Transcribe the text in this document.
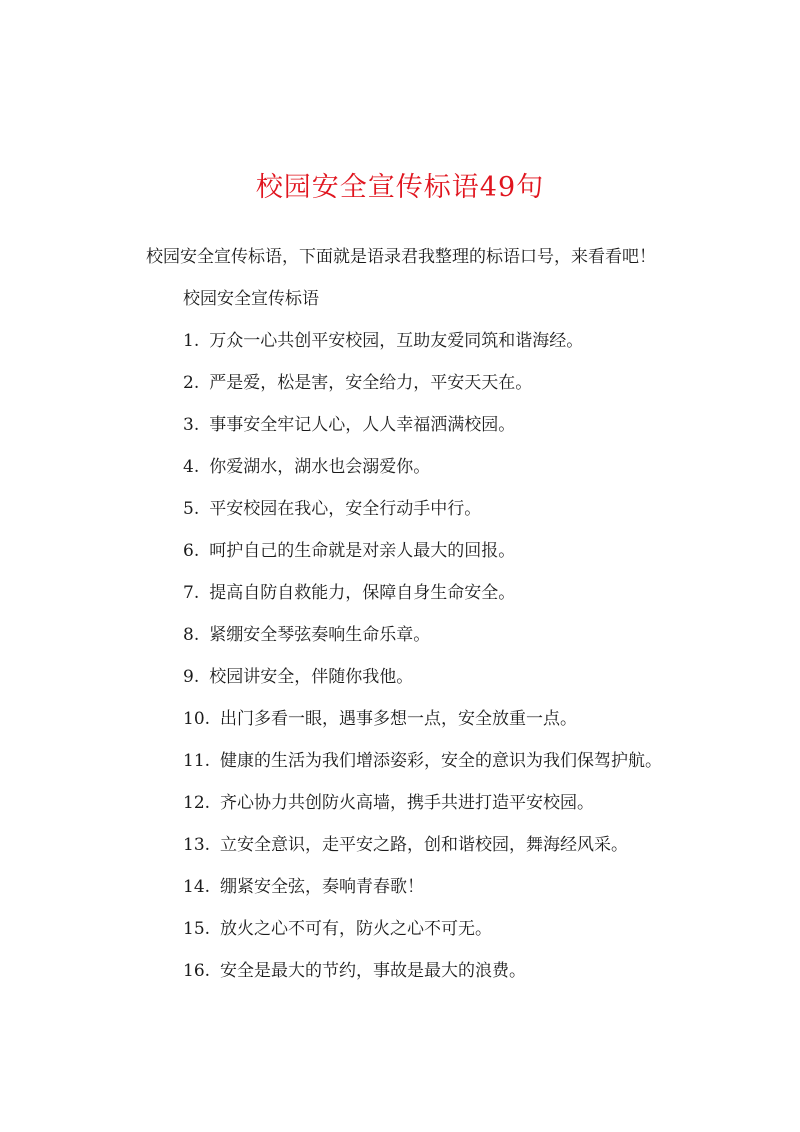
校园安全宣传标语49句
校园安全宣传标语，下面就是语录君我整理的标语口号，来看看吧！
校园安全宣传标语
1. 万众一心共创平安校园，互助友爱同筑和谐海经。
2. 严是爱，松是害，安全给力，平安天天在。
3. 事事安全牢记人心，人人幸福洒满校园。
4. 你爱湖水，湖水也会溺爱你。
5. 平安校园在我心，安全行动手中行。
6. 呵护自己的生命就是对亲人最大的回报。
7. 提高自防自救能力，保障自身生命安全。
8. 紧绷安全琴弦奏响生命乐章。
9. 校园讲安全，伴随你我他。
10. 出门多看一眼，遇事多想一点，安全放重一点。
11. 健康的生活为我们增添姿彩，安全的意识为我们保驾护航。
12. 齐心协力共创防火高墙，携手共进打造平安校园。
13. 立安全意识，走平安之路，创和谐校园，舞海经风采。
14. 绷紧安全弦，奏响青春歌！
15. 放火之心不可有，防火之心不可无。
16. 安全是最大的节约，事故是最大的浪费。
